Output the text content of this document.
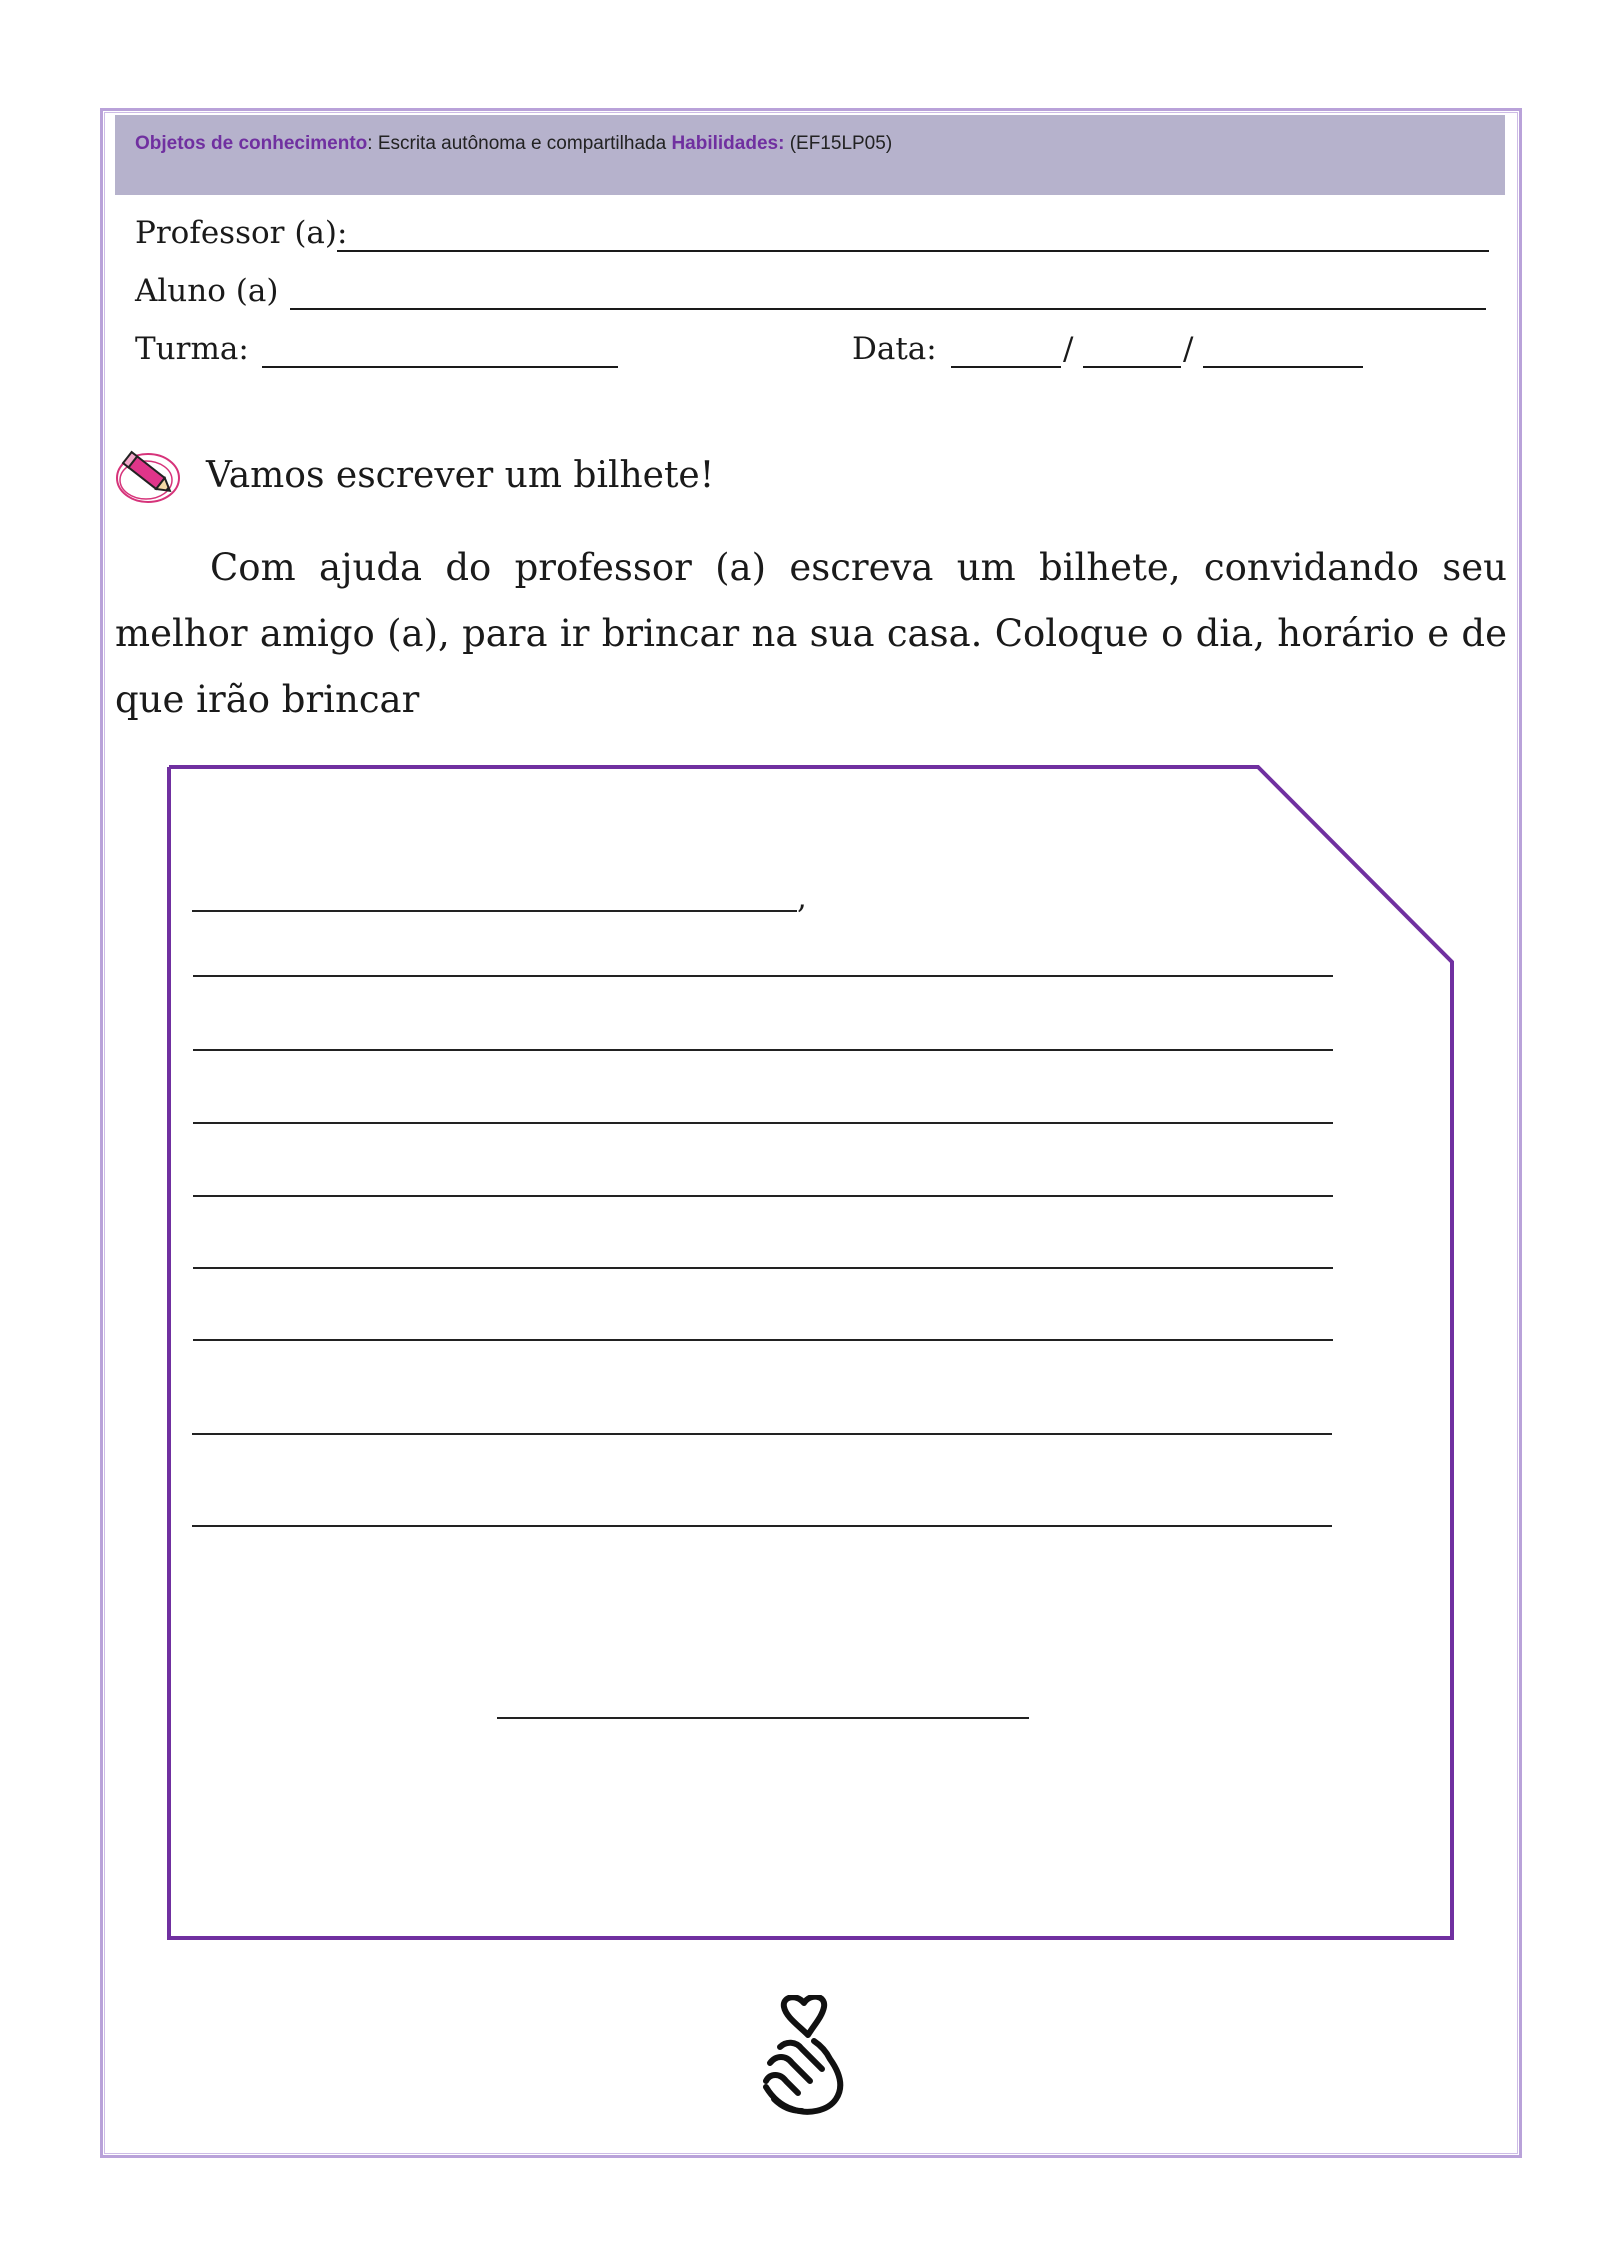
Objetos de conhecimento: Escrita autônoma e compartilhada Habilidades: (EF15LP05)
Professor (a):
Aluno (a)
Turma:	Data:	/	/
Vamos escrever um bilhete!
Com ajuda do professor (a) escreva um bilhete, convidando seu melhor amigo (a), para ir brincar na sua casa. Coloque o dia, horário e de que irão brincar
,
